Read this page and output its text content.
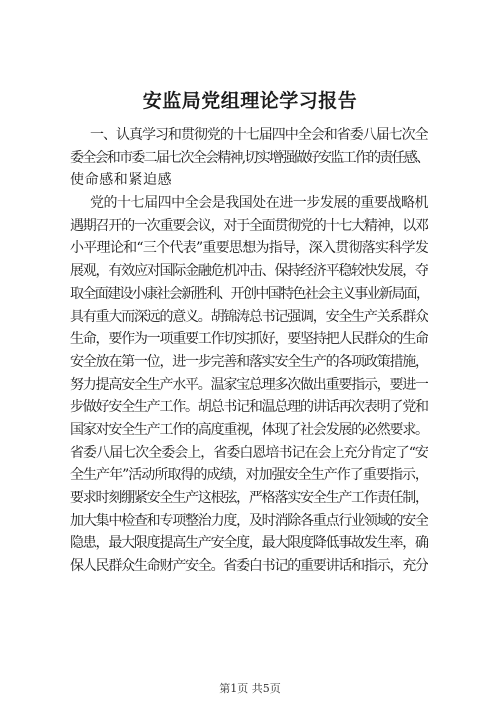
安监局党组理论学习报告
一、认真学习和贯彻党的十七届四中全会和省委八届七次全
委全会和市委二届七次全会精神,切实增强做好安监工作的责任感、
使命感和紧迫感
党的十七届四中全会是我国处在进一步发展的重要战略机
遇期召开的一次重要会议，对于全面贯彻党的十七大精神，以邓
小平理论和“三个代表”重要思想为指导，深入贯彻落实科学发
展观，有效应对国际金融危机冲击、保持经济平稳较快发展，夺
取全面建设小康社会新胜利、开创中国特色社会主义事业新局面，
具有重大而深远的意义。胡锦涛总书记强调，安全生产关系群众
生命，要作为一项重要工作切实抓好，要坚持把人民群众的生命
安全放在第一位，进一步完善和落实安全生产的各项政策措施，
努力提高安全生产水平。温家宝总理多次做出重要指示，要进一
步做好安全生产工作。胡总书记和温总理的讲话再次表明了党和
国家对安全生产工作的高度重视，体现了社会发展的必然要求。
省委八届七次全委会上，省委白恩培书记在会上充分肯定了“安
全生产年”活动所取得的成绩，对加强安全生产作了重要指示，
要求时刻绷紧安全生产这根弦，严格落实安全生产工作责任制，
加大集中检查和专项整治力度，及时消除各重点行业领域的安全
隐患，最大限度提高生产安全度，最大限度降低事故发生率，确
保人民群众生命财产安全。省委白书记的重要讲话和指示，充分
第1页 共5页
